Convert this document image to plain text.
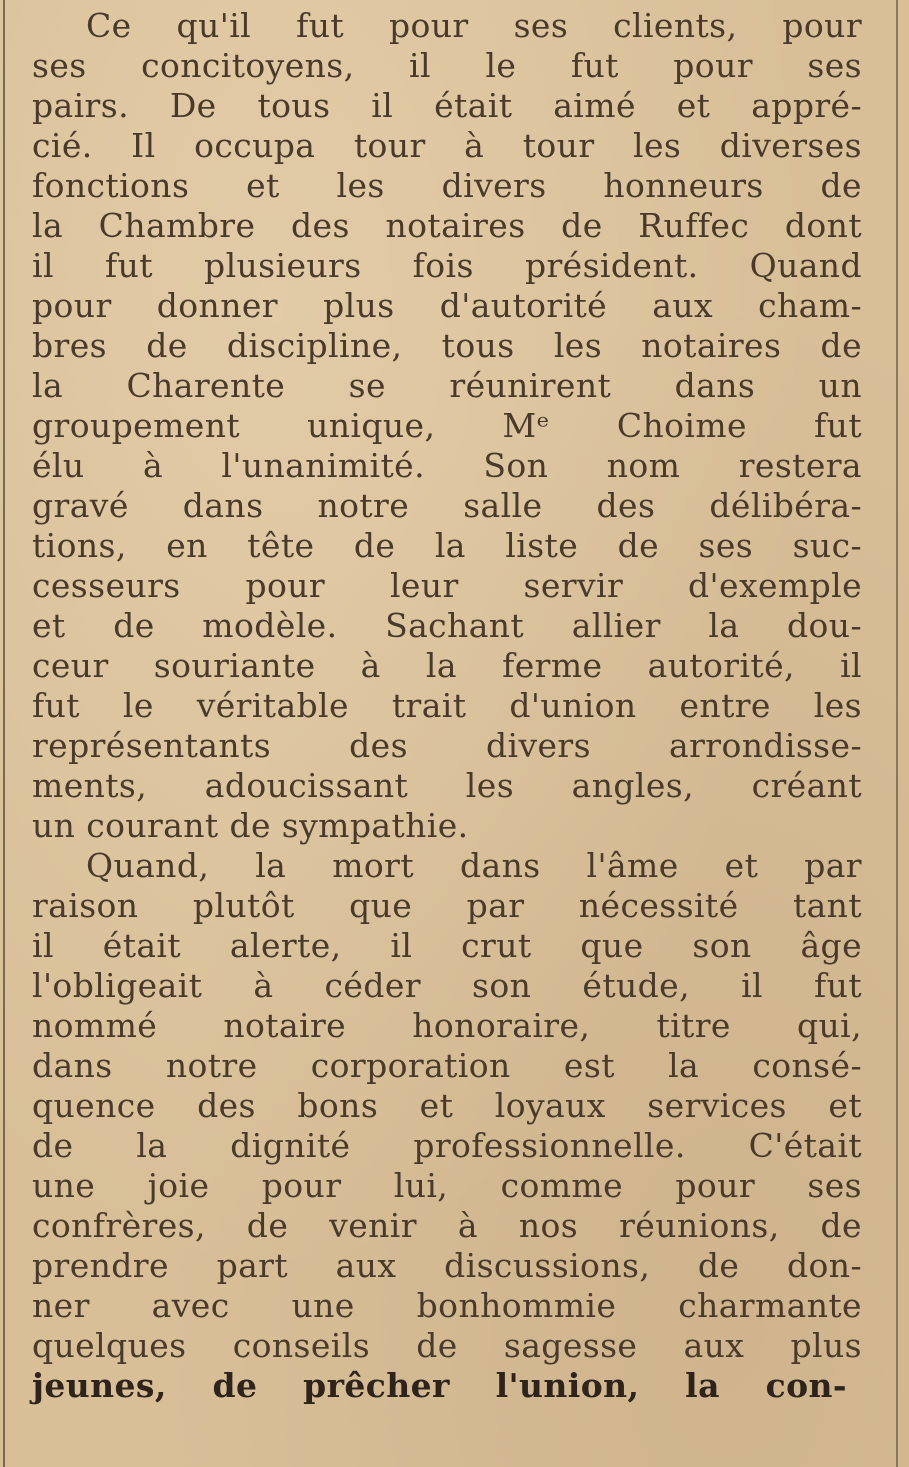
Ce qu'il fut pour ses clients, pour
ses concitoyens, il le fut pour ses
pairs. De tous il était aimé et appré-
cié. Il occupa tour à tour les diverses
fonctions et les divers honneurs de
la Chambre des notaires de Ruffec dont
il fut plusieurs fois président. Quand
pour donner plus d'autorité aux cham-
bres de discipline, tous les notaires de
la Charente se réunirent dans un
groupement unique, Mᵉ Choime fut
élu à l'unanimité. Son nom restera
gravé dans notre salle des délibéra-
tions, en tête de la liste de ses suc-
cesseurs pour leur servir d'exemple
et de modèle. Sachant allier la dou-
ceur souriante à la ferme autorité, il
fut le véritable trait d'union entre les
représentants des divers arrondisse-
ments, adoucissant les angles, créant
un courant de sympathie.
Quand, la mort dans l'âme et par
raison plutôt que par nécessité tant
il était alerte, il crut que son âge
l'obligeait à céder son étude, il fut
nommé notaire honoraire, titre qui,
dans notre corporation est la consé-
quence des bons et loyaux services et
de la dignité professionnelle. C'était
une joie pour lui, comme pour ses
confrères, de venir à nos réunions, de
prendre part aux discussions, de don-
ner avec une bonhommie charmante
quelques conseils de sagesse aux plus
jeunes, de prêcher l'union, la con-
